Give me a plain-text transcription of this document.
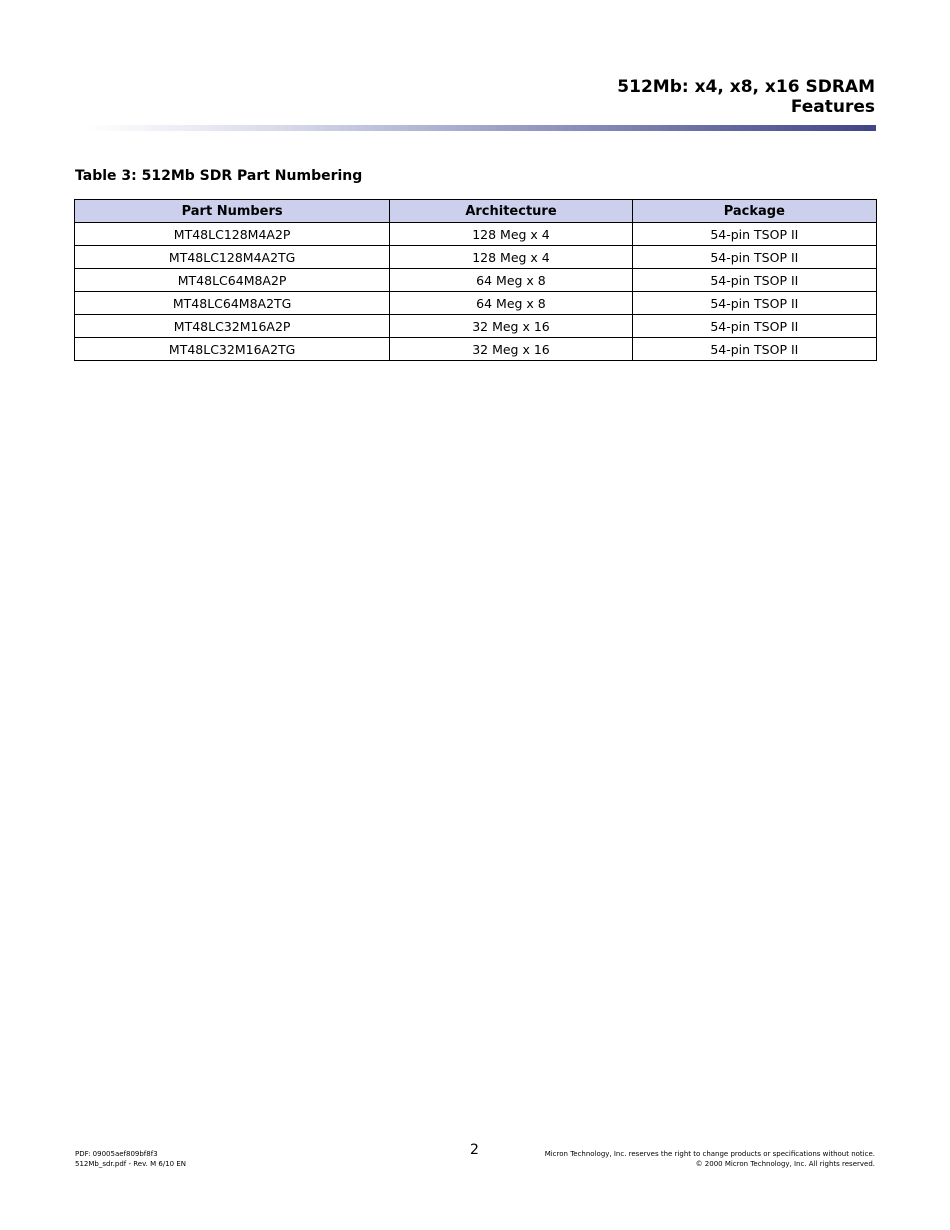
512Mb: x4, x8, x16 SDRAM
Features
Table 3: 512Mb SDR Part Numbering
Part Numbers	Architecture	Package
MT48LC128M4A2P	128 Meg x 4	54-pin TSOP II
MT48LC128M4A2TG	128 Meg x 4	54-pin TSOP II
MT48LC64M8A2P	64 Meg x 8	54-pin TSOP II
MT48LC64M8A2TG	64 Meg x 8	54-pin TSOP II
MT48LC32M16A2P	32 Meg x 16	54-pin TSOP II
MT48LC32M16A2TG	32 Meg x 16	54-pin TSOP II
PDF: 09005aef809bf8f3
512Mb_sdr.pdf - Rev. M 6/10 EN
2	Micron Technology, Inc. reserves the right to change products or specifications without notice.
© 2000 Micron Technology, Inc. All rights reserved.
